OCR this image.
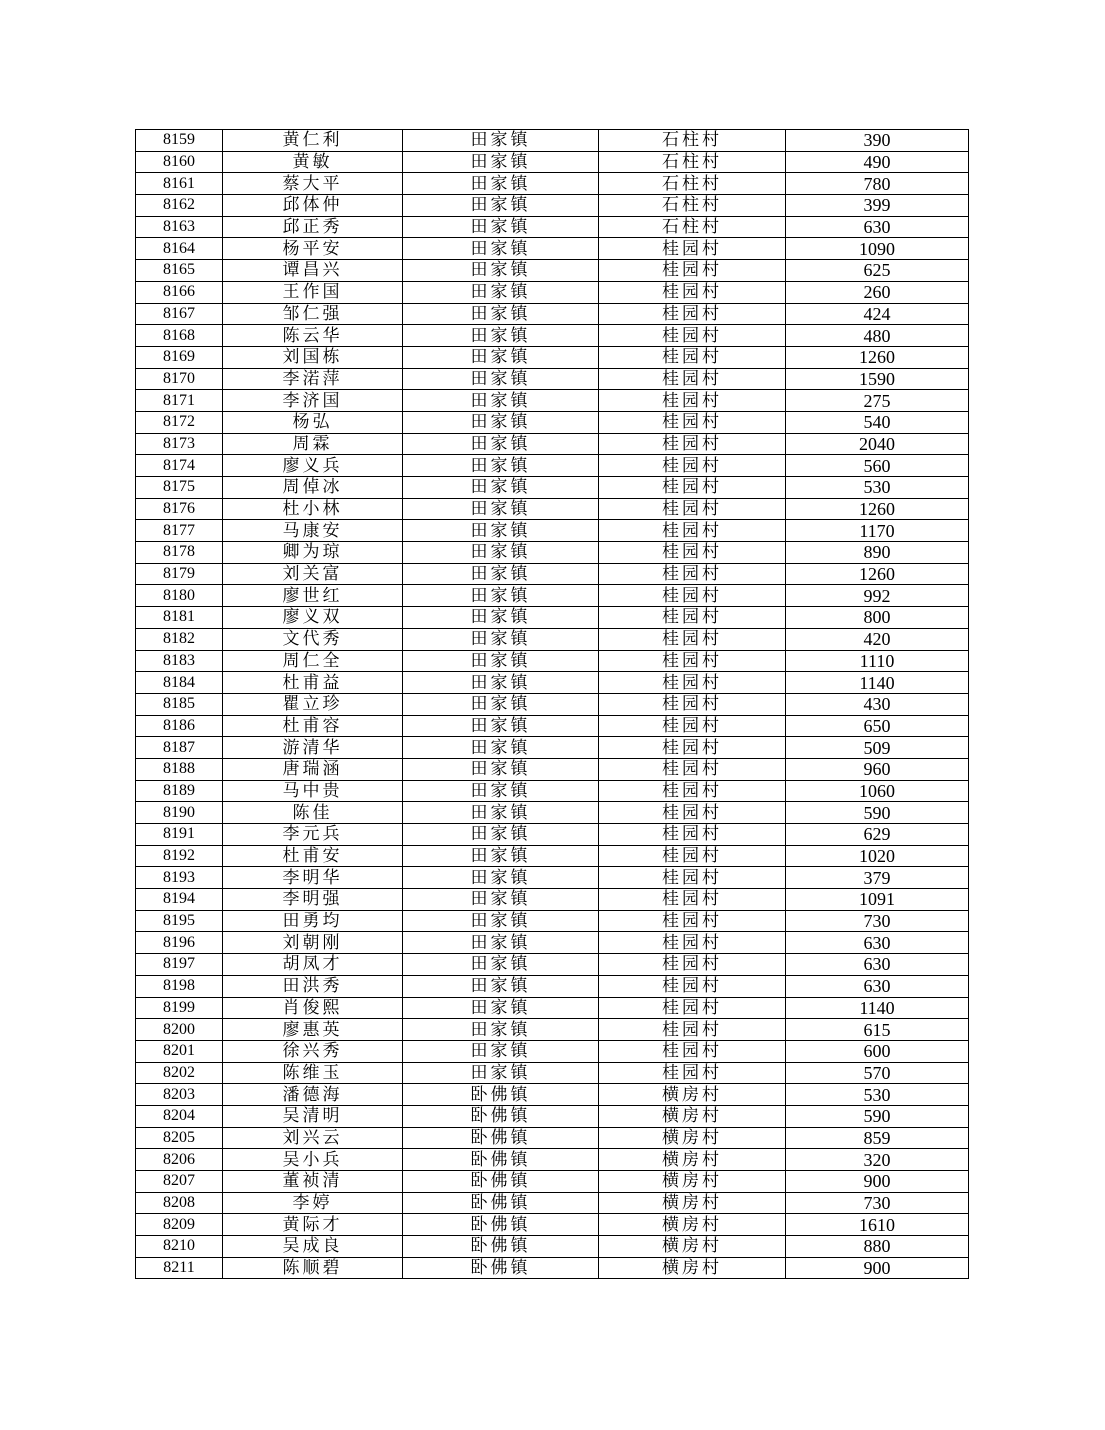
8159	黄仁利	田家镇	石柱村	390
8160	黄敏	田家镇	石柱村	490
8161	蔡大平	田家镇	石柱村	780
8162	邱体仲	田家镇	石柱村	399
8163	邱正秀	田家镇	石柱村	630
8164	杨平安	田家镇	桂园村	1090
8165	谭昌兴	田家镇	桂园村	625
8166	王作国	田家镇	桂园村	260
8167	邹仁强	田家镇	桂园村	424
8168	陈云华	田家镇	桂园村	480
8169	刘国栋	田家镇	桂园村	1260
8170	李渃萍	田家镇	桂园村	1590
8171	李济国	田家镇	桂园村	275
8172	杨弘	田家镇	桂园村	540
8173	周霖	田家镇	桂园村	2040
8174	廖义兵	田家镇	桂园村	560
8175	周倬冰	田家镇	桂园村	530
8176	杜小林	田家镇	桂园村	1260
8177	马康安	田家镇	桂园村	1170
8178	卿为琼	田家镇	桂园村	890
8179	刘关富	田家镇	桂园村	1260
8180	廖世红	田家镇	桂园村	992
8181	廖义双	田家镇	桂园村	800
8182	文代秀	田家镇	桂园村	420
8183	周仁全	田家镇	桂园村	1110
8184	杜甫益	田家镇	桂园村	1140
8185	瞿立珍	田家镇	桂园村	430
8186	杜甫容	田家镇	桂园村	650
8187	游清华	田家镇	桂园村	509
8188	唐瑞涵	田家镇	桂园村	960
8189	马中贵	田家镇	桂园村	1060
8190	陈佳	田家镇	桂园村	590
8191	李元兵	田家镇	桂园村	629
8192	杜甫安	田家镇	桂园村	1020
8193	李明华	田家镇	桂园村	379
8194	李明强	田家镇	桂园村	1091
8195	田勇均	田家镇	桂园村	730
8196	刘朝刚	田家镇	桂园村	630
8197	胡凤才	田家镇	桂园村	630
8198	田洪秀	田家镇	桂园村	630
8199	肖俊熙	田家镇	桂园村	1140
8200	廖惠英	田家镇	桂园村	615
8201	徐兴秀	田家镇	桂园村	600
8202	陈维玉	田家镇	桂园村	570
8203	潘德海	卧佛镇	横房村	530
8204	吴清明	卧佛镇	横房村	590
8205	刘兴云	卧佛镇	横房村	859
8206	吴小兵	卧佛镇	横房村	320
8207	董祯清	卧佛镇	横房村	900
8208	李婷	卧佛镇	横房村	730
8209	黄际才	卧佛镇	横房村	1610
8210	吴成良	卧佛镇	横房村	880
8211	陈顺碧	卧佛镇	横房村	900
